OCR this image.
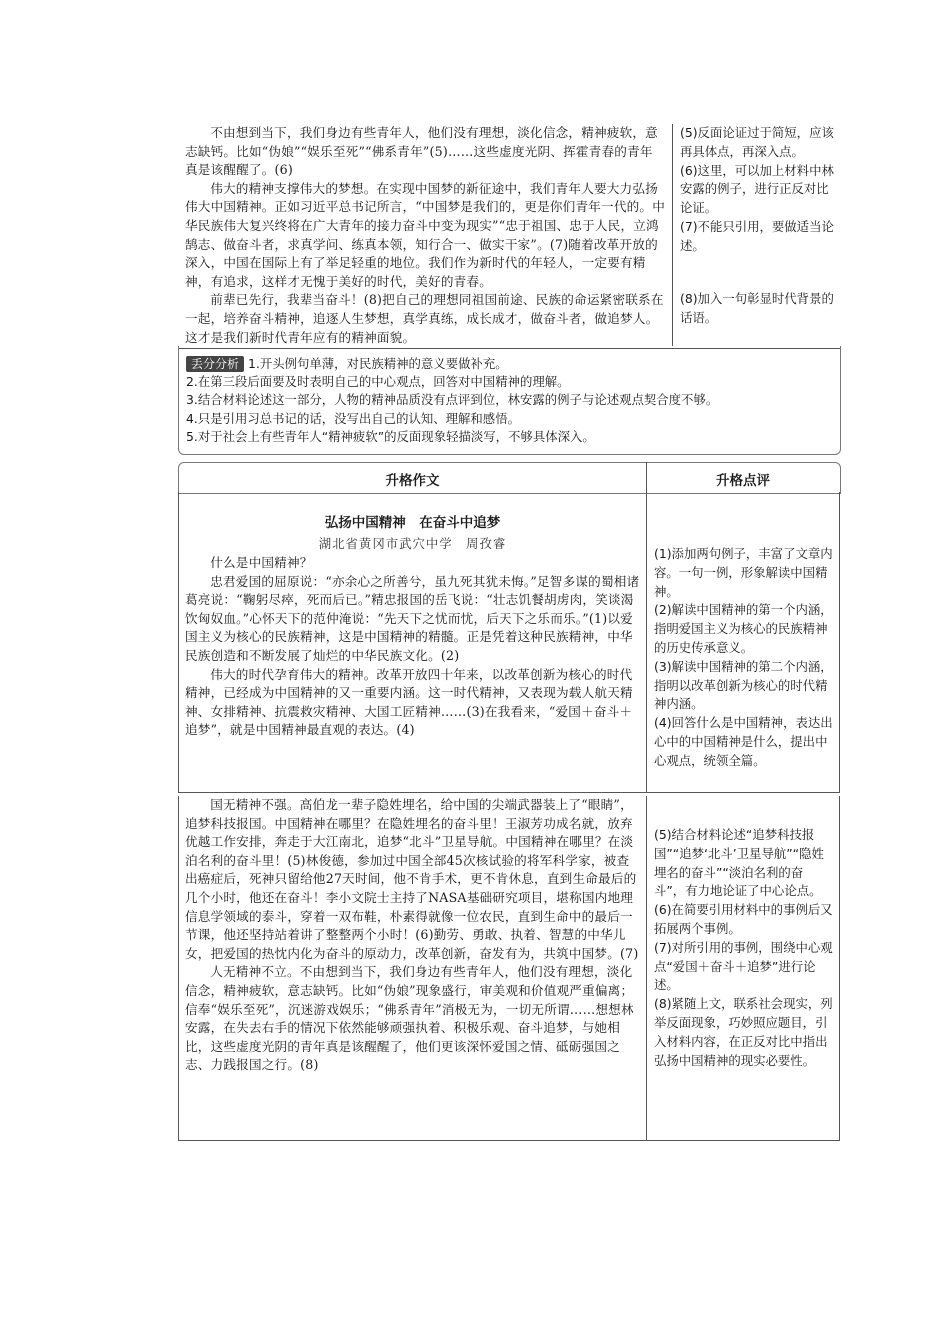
不由想到当下，我们身边有些青年人，他们没有理想，淡化信念，精神疲软，意志缺钙。比如“伪娘”“娱乐至死”“佛系青年”(5)……这些虚度光阴、挥霍青春的青年真是该醒醒了。(6)

伟大的精神支撑伟大的梦想。在实现中国梦的新征途中，我们青年人要大力弘扬伟大中国精神。正如习近平总书记所言，“中国梦是我们的，更是你们青年一代的。中华民族伟大复兴终将在广大青年的接力奋斗中变为现实”“忠于祖国、忠于人民，立鸿鹄志、做奋斗者，求真学问、练真本领，知行合一、做实干家”。(7)随着改革开放的深入，中国在国际上有了举足轻重的地位。我们作为新时代的年轻人，一定要有精神，有追求，这样才无愧于美好的时代，美好的青春。

前辈已先行，我辈当奋斗！(8)把自己的理想同祖国前途、民族的命运紧密联系在一起，培养奋斗精神，追逐人生梦想，真学真练，成长成才，做奋斗者，做追梦人。这才是我们新时代青年应有的精神面貌。

(5)反面论证过于简短，应该再具体点，再深入点。

(6)这里，可以加上材料中林安露的例子，进行正反对比论证。

(7)不能只引用，要做适当论述。

(8)加入一句彰显时代背景的话语。

丢分分析 1.开头例句单薄，对民族精神的意义要做补充。
2.在第三段后面要及时表明自己的中心观点，回答对中国精神的理解。
3.结合材料论述这一部分，人物的精神品质没有点评到位，林安露的例子与论述观点契合度不够。
4.只是引用习总书记的话，没写出自己的认知、理解和感悟。
5.对于社会上有些青年人“精神疲软”的反面现象轻描淡写，不够具体深入。
升格作文	升格点评
弘扬中国精神　在奋斗中追梦
湖北省黄冈市武穴中学　周孜睿

什么是中国精神？

忠君爱国的屈原说：“亦余心之所善兮，虽九死其犹未悔。”足智多谋的蜀相诸葛亮说：“鞠躬尽瘁，死而后已。”精忠报国的岳飞说：“壮志饥餐胡虏肉，笑谈渴饮匈奴血。”心怀天下的范仲淹说：“先天下之忧而忧，后天下之乐而乐。”(1)以爱国主义为核心的民族精神，这是中国精神的精髓。正是凭着这种民族精神，中华民族创造和不断发展了灿烂的中华民族文化。(2)

伟大的时代孕育伟大的精神。改革开放四十年来，以改革创新为核心的时代精神，已经成为中国精神的又一重要内涵。这一时代精神，又表现为载人航天精神、女排精神、抗震救灾精神、大国工匠精神……(3)在我看来，“爱国＋奋斗＋追梦”，就是中国精神最直观的表达。(4)

(1)添加两句例子，丰富了文章内容。一句一例，形象解读中国精神。

(2)解读中国精神的第一个内涵，指明爱国主义为核心的民族精神的历史传承意义。

(3)解读中国精神的第二个内涵，指明以改革创新为核心的时代精神内涵。

(4)回答什么是中国精神，表达出心中的中国精神是什么，提出中心观点，统领全篇。

国无精神不强。高伯龙一辈子隐姓埋名，给中国的尖端武器装上了“眼睛”，追梦科技报国。中国精神在哪里？在隐姓埋名的奋斗里！王淑芳功成名就，放弃优越工作安排，奔走于大江南北，追梦“北斗”卫星导航。中国精神在哪里？在淡泊名利的奋斗里！(5)林俊德，参加过中国全部45次核试验的将军科学家，被查出癌症后，死神只留给他27天时间，他不肯手术，更不肯休息，直到生命最后的几个小时，他还在奋斗！李小文院士主持了NASA基础研究项目，堪称国内地理信息学领域的泰斗，穿着一双布鞋，朴素得就像一位农民，直到生命中的最后一节课，他还坚持站着讲了整整两个小时！(6)勤劳、勇敢、执着、智慧的中华儿女，把爱国的热忱内化为奋斗的原动力，改革创新，奋发有为，共筑中国梦。(7)

人无精神不立。不由想到当下，我们身边有些青年人，他们没有理想，淡化信念，精神疲软，意志缺钙。比如“伪娘”现象盛行，审美观和价值观严重偏离；信奉“娱乐至死”，沉迷游戏娱乐；“佛系青年”消极无为，一切无所谓……想想林安露，在失去右手的情况下依然能够顽强执着、积极乐观、奋斗追梦，与她相比，这些虚度光阴的青年真是该醒醒了，他们更该深怀爱国之情、砥砺强国之志、力践报国之行。(8)

(5)结合材料论述“追梦科技报国”“追梦‘北斗’卫星导航”“隐姓埋名的奋斗”“淡泊名利的奋斗”，有力地论证了中心论点。

(6)在简要引用材料中的事例后又拓展两个事例。

(7)对所引用的事例，围绕中心观点“爱国＋奋斗＋追梦”进行论述。

(8)紧随上文，联系社会现实，列举反面现象，巧妙照应题目，引入材料内容，在正反对比中指出弘扬中国精神的现实必要性。
